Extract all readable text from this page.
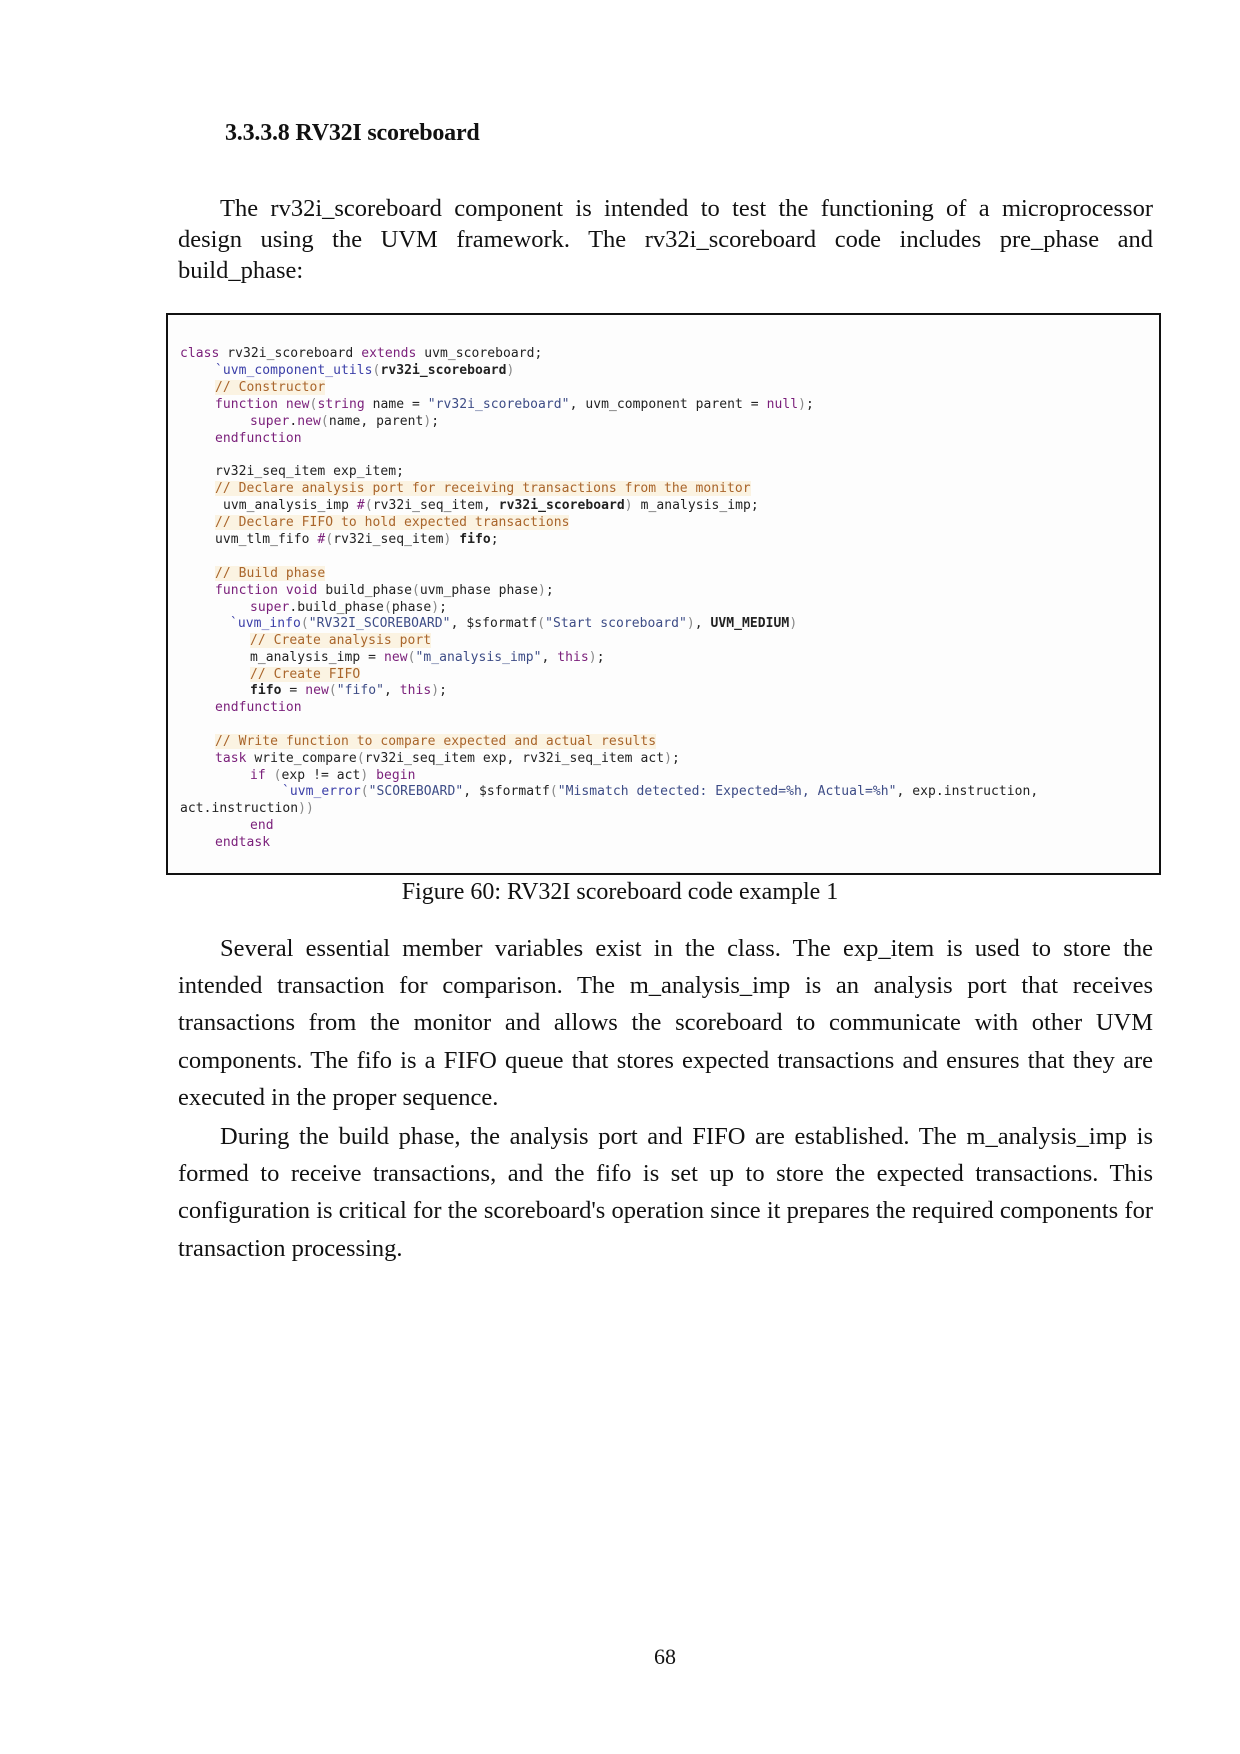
3.3.3.8 RV32I scoreboard
The rv32i_scoreboard component is intended to test the functioning of a microprocessor design using the UVM framework. The rv32i_scoreboard code includes pre_phase and build_phase:
class rv32i_scoreboard extends uvm_scoreboard;
`uvm_component_utils(rv32i_scoreboard)
// Constructor
function new(string name = "rv32i_scoreboard", uvm_component parent = null);
super.new(name, parent);
endfunction
rv32i_seq_item exp_item;
// Declare analysis port for receiving transactions from the monitor
uvm_analysis_imp #(rv32i_seq_item, rv32i_scoreboard) m_analysis_imp;
// Declare FIFO to hold expected transactions
uvm_tlm_fifo #(rv32i_seq_item) fifo;
// Build phase
function void build_phase(uvm_phase phase);
super.build_phase(phase);
`uvm_info("RV32I_SCOREBOARD", $sformatf("Start scoreboard"), UVM_MEDIUM)
// Create analysis port
m_analysis_imp = new("m_analysis_imp", this);
// Create FIFO
fifo = new("fifo", this);
endfunction
// Write function to compare expected and actual results
task write_compare(rv32i_seq_item exp, rv32i_seq_item act);
if (exp != act) begin
`uvm_error("SCOREBOARD", $sformatf("Mismatch detected: Expected=%h, Actual=%h", exp.instruction,
act.instruction))
end
endtask
Figure 60: RV32I scoreboard code example 1
Several essential member variables exist in the class. The exp_item is used to store the intended transaction for comparison. The m_analysis_imp is an analysis port that receives transactions from the monitor and allows the scoreboard to communicate with other UVM components. The fifo is a FIFO queue that stores expected transactions and ensures that they are executed in the proper sequence.
During the build phase, the analysis port and FIFO are established. The m_analysis_imp is formed to receive transactions, and the fifo is set up to store the expected transactions. This configuration is critical for the scoreboard's operation since it prepares the required components for transaction processing.
68
